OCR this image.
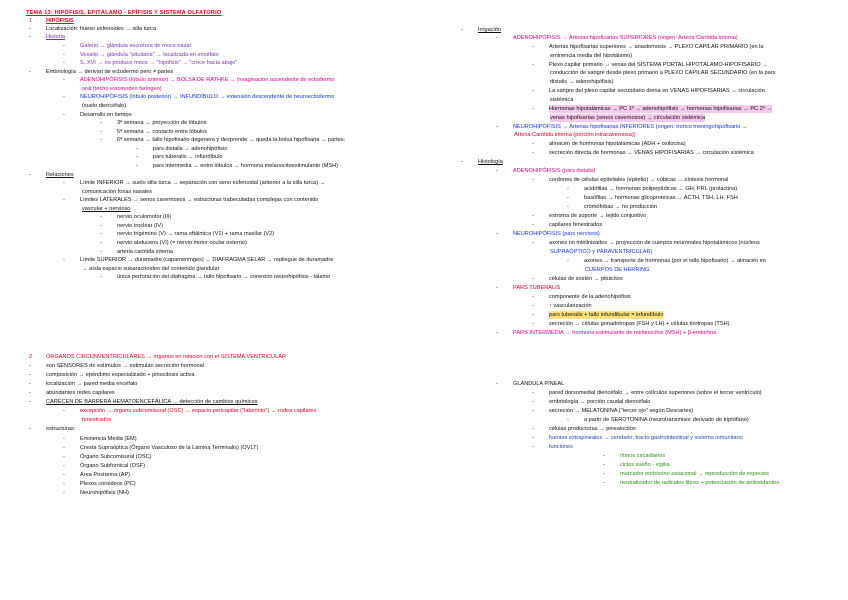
TEMA 13: HIPÓFISIS, EPITÁLAMO - EPÍFISIS Y SISTEMA OLFATORIO
1 HIPÓFISIS
-	Localización: hueso esfenoides → silla turca
-	Historia
-	Galeno → glándula secretora de moco nasal
-	Vesalio → glándula "pituitaria" → localizada en encéfalo
-	S. XVI → no produce moco → "hipófisis" → "crece hacia abajo"
-	Embriología → derivan de ectodermo pero ≠ partes
-	ADENOHIPÓFISIS (lóbulo anterior) → BOLSA DE RATHKE → invaginación ascendente de ectodermo
oral (techo estomodeo faríngeo)
-	NEUROHIPÓFISIS (lóbulo posterior) → INFUNDÍBULO → extensión descendente de neuroectodermo
(suelo diencéfalo)
-	Desarrollo en tiempo
-	3ª semana → proyección de lóbulos
-	5ª semana → contacto entre lóbulos
-	6ª semana → tallo hipofisario degenera y desprende → queda la bolsa hipofisaria → partes:
-	pars distalis → adenohipófisis
-	pars tuberalis → infundíbulo
-	pars intermedia → entre lóbulos → hormona melanocitoestimulante (MSH)
-	Relaciones
-	Límite INFERIOR → suelo silla turca → separación con seno esfenoidal (anterior a la silla turca) →
comunicación fosas nasales
-	Límites LATERALES → senos cavernosos → estructuras trabeculadas complejas con contenido
vascular + nervioso
-	nervio oculomotor (III)
-	nervio troclear (IV)
-	nervio trigémino (V) → rama oftálmica (V1) + rama maxilar (V2)
-	nervio abducens (VI) (= nervio motor ocular externo)
-	arteria carótida interna
-	Límite SUPERIOR → duramadre (capamenínges) → DIAFRAGMA SELAR → repliegue de duramadre
→ aísla espacio subaracnoideo del contenido glandular
-	única perforación del diafragma → tallo hipofisario → conexión neurohipófisis - tálamo
2 ÓRGANOS CIRCUNVENTRICULARES → órganos en relación con el SISTEMA VENTRICULAR
-	son SENSORES de estímulos → estimulan secreción hormonal
-	composición → epéndimo especializado + pinocitosis activa
-	localización → pared media encéfalo
-	abundantes redes capilares
-	CARECEN DE BARRERA HEMATOENCEFÁLICA → detección de cambios químicos
-	excepción → órgano subcomisural (OSC) → espacio pericapilar ("laberinto") → rodea capilares
fenestrados
-	estructuras:
-	Eminencia Media (EM)
-	Cresta Supraóptica (Órgano Vasculoso de la Lámina Terminalis) (OVLT)
-	Órgano Subcomisural (OSC)
-	Órgano Subfornical (OSF)
-	Área Postrema (AP)
-	Plexos coroideos (PC)
-	Neurohipófisis (NH)
-	Irrigación
-	ADENOHIPÓFISIS → Arterias hipofisarias SUPERIORES (origen: Arteria Carótida interna)
-	Arterias hipofisarias superiores → anastomosis → PLEXO CAPILAR PRIMARIO (en la
eminencia media del hipotálamo)
-	Plexo capilar primario → venas del SISTEMA PORTAL HIPOTÁLAMO-HIPOFISARIO →
conducción de sangre desde plexo primario a PLEXO CAPILAR SECUNDARIO (en la pars
distalis → adenohipófisis)
-	La sangre del plexo capilar secundario drena en VENAS HIPOFISARIAS → circulación
sistémica
-	Hormonas hipotalámicas → PC 1º → adenohipófisis → hormonas hipofisarias → PC 2º →
venas hipofisarias (senos cavernosos) → circulación sistémica
-	NEUROHIPÓFISIS → Arterias hipofisarias INFERIORES (origen: tronco meningohipofisario →
Arteria Carótida interna (porción intracavernosa))
-	almacén de hormonas hipotalámicas (ADH + oxitocina)
-	secreción directa de hormonas → VENAS HIPOFISARIAS → circulación sistémica
-	Histología
-	ADENOHIPÓFISIS (pars distalis)
-	cordones de células epiteliales (epitelio) → cúbicas → síntesis hormonal
-	acidófilas → hormonas polipeptídicas → GH, PRL (prolactina)
-	basófilas → hormonas glicoproteicas → ACTH, TSH, LH, FSH
-	cromófobas → no producción
-	estroma de soporte → tejido conjuntivo
-	capilares fenestrados
-	NEUROHIPÓFISIS (pars nerviosa)
-	axones no mielinizados → proyección de cuerpos neuronales hipotalámicos (núcleos
SUPRAÓPTICO y PARAVENTRICULAR)
-	axones → transporte de hormonas (por el tallo hipofisario) → almacén en
CUERPOS DE HERRING
-	células de sostén → pituicitos
-	PARS TUBERALIS
-	componente de la adenohipófisis
-	↑ vascularización
-	pars tuberalis + tallo infundibular = infundíbulo
-	secreción → células gonadotropas (FSH y LH) + células tirotropas (TSH)
-	PARS INTERMEDIA → hormona estimulante de melanocitos (MSH) + β-endorfina
-	GLÁNDULA PINEAL
-	pared dorsomedial diencéfalo → entre colículos superiores (sobre el tercer ventrículo)
-	embriología → porción caudal diencéfalo
-	secreción → MELATONINA ("tercer ojo" según Descartes)
-	a partir de SEROTONINA (neurotransmisor derivado de triptófano)
-	células productoras → pinealocitos
-	fuentes extrapineales → cerebelo, tracto gastrointestinal y sistema inmunitario
-	funciones
-	ritmos circadianos
-	ciclos sueño - vigilia
-	marcador endocrino estacional → reproducción de especies
-	neutralizador de radicales libres + potenciación de antioxidantes
